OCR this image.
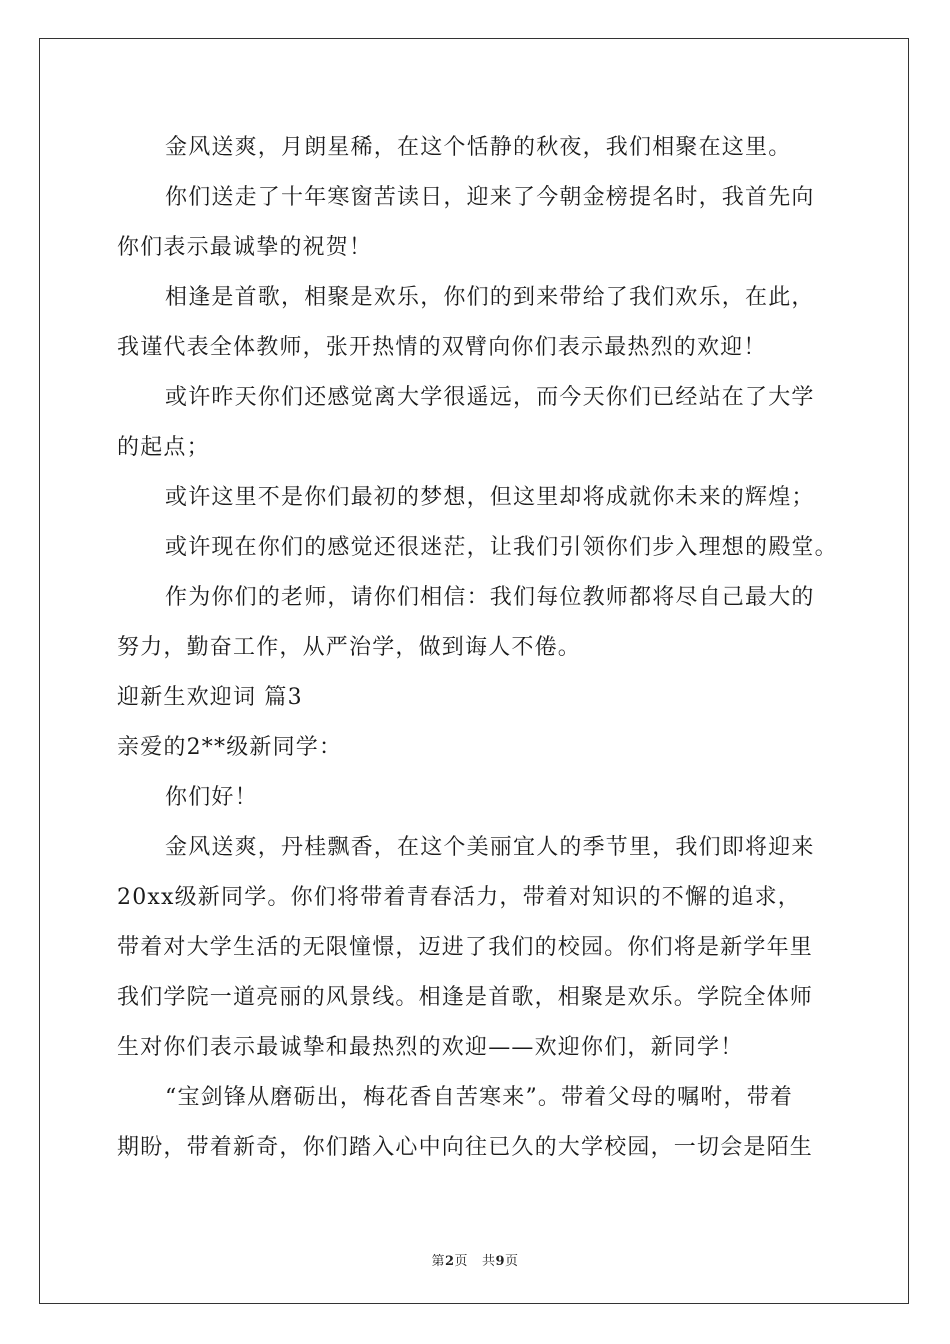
金风送爽，月朗星稀，在这个恬静的秋夜，我们相聚在这里。
你们送走了十年寒窗苦读日，迎来了今朝金榜提名时，我首先向
你们表示最诚挚的祝贺！
相逢是首歌，相聚是欢乐，你们的到来带给了我们欢乐，在此，
我谨代表全体教师，张开热情的双臂向你们表示最热烈的欢迎！
或许昨天你们还感觉离大学很遥远，而今天你们已经站在了大学
的起点；
或许这里不是你们最初的梦想，但这里却将成就你未来的辉煌；
或许现在你们的感觉还很迷茫，让我们引领你们步入理想的殿堂。
作为你们的老师，请你们相信：我们每位教师都将尽自己最大的
努力，勤奋工作，从严治学，做到诲人不倦。
迎新生欢迎词 篇3
亲爱的2**级新同学：
你们好！
金风送爽，丹桂飘香，在这个美丽宜人的季节里，我们即将迎来
20xx级新同学。你们将带着青春活力，带着对知识的不懈的追求，
带着对大学生活的无限憧憬，迈进了我们的校园。你们将是新学年里
我们学院一道亮丽的风景线。相逢是首歌，相聚是欢乐。学院全体师
生对你们表示最诚挚和最热烈的欢迎——欢迎你们，新同学！
“宝剑锋从磨砺出，梅花香自苦寒来”。带着父母的嘱咐，带着
期盼，带着新奇，你们踏入心中向往已久的大学校园，一切会是陌生
第2页 共9页
